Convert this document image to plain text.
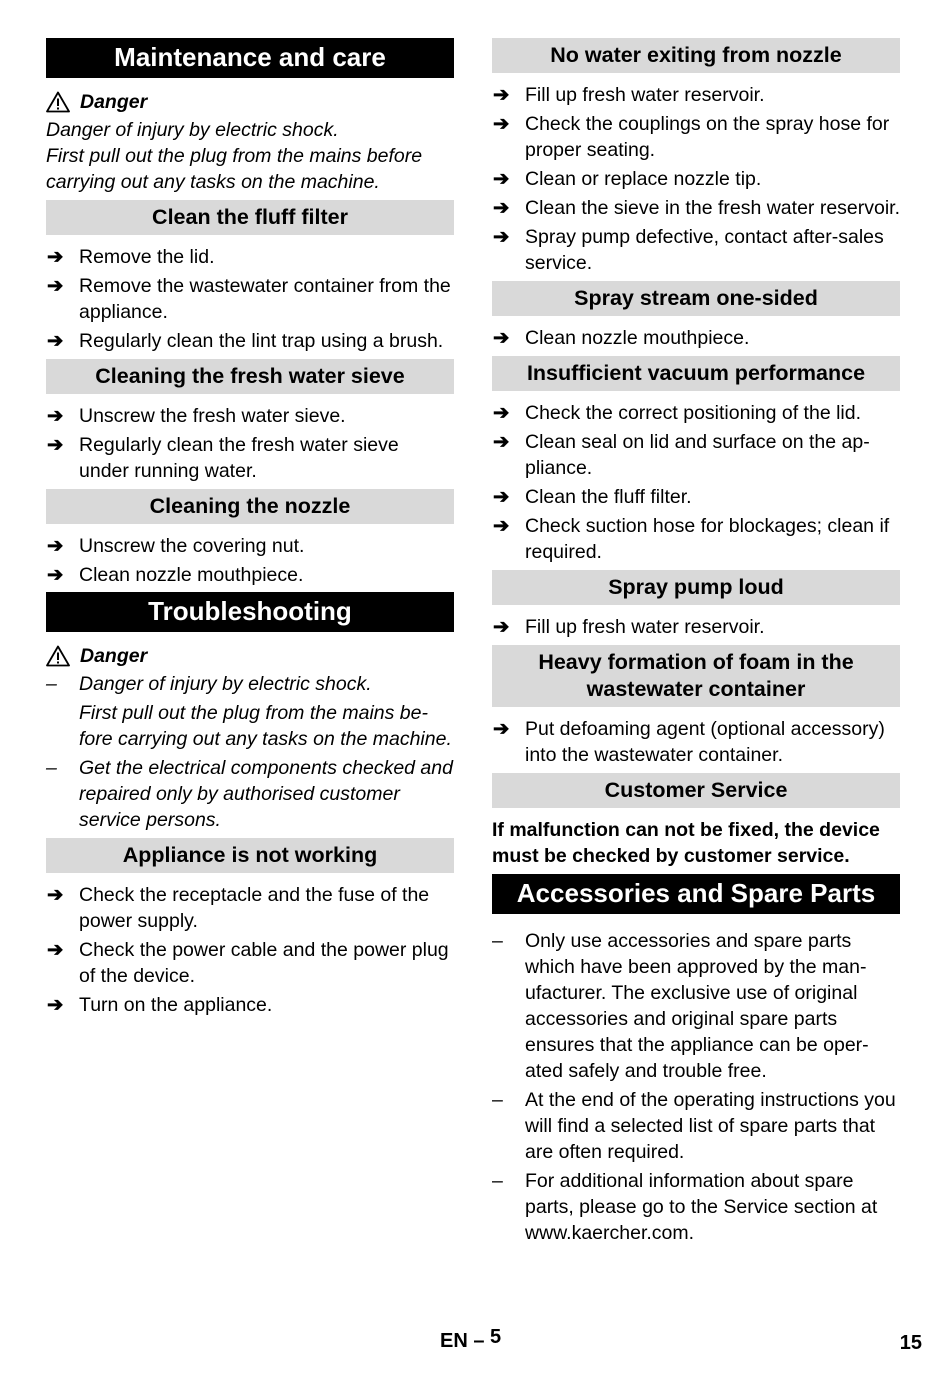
Maintenance and care
Danger
Danger of injury by electric shock.
First pull out the plug from the mains before carrying out any tasks on the machine.
Clean the fluff filter
➔ Remove the lid.
➔ Remove the wastewater container from the appliance.
➔ Regularly clean the lint trap using a brush.
Cleaning the fresh water sieve
➔ Unscrew the fresh water sieve.
➔ Regularly clean the fresh water sieve under running water.
Cleaning the nozzle
➔ Unscrew the covering nut.
➔ Clean nozzle mouthpiece.
Troubleshooting
Danger
– Danger of injury by electric shock.
First pull out the plug from the mains before carrying out any tasks on the machine.
– Get the electrical components checked and repaired only by authorised customer service persons.
Appliance is not working
➔ Check the receptacle and the fuse of the power supply.
➔ Check the power cable and the power plug of the device.
➔ Turn on the appliance.
No water exiting from nozzle
➔ Fill up fresh water reservoir.
➔ Check the couplings on the spray hose for proper seating.
➔ Clean or replace nozzle tip.
➔ Clean the sieve in the fresh water reservoir.
➔ Spray pump defective, contact after-sales service.
Spray stream one-sided
➔ Clean nozzle mouthpiece.
Insufficient vacuum performance
➔ Check the correct positioning of the lid.
➔ Clean seal on lid and surface on the appliance.
➔ Clean the fluff filter.
➔ Check suction hose for blockages; clean if required.
Spray pump loud
➔ Fill up fresh water reservoir.
Heavy formation of foam in the wastewater container
➔ Put defoaming agent (optional accessory) into the wastewater container.
Customer Service

If malfunction can not be fixed, the device must be checked by customer service.

Accessories and Spare Parts
– Only use accessories and spare parts which have been approved by the manufacturer. The exclusive use of original accessories and original spare parts ensures that the appliance can be operated safely and trouble free.
– At the end of the operating instructions you will find a selected list of spare parts that are often required.
– For additional information about spare parts, please go to the Service section at www.kaercher.com.
EN – 5	15
